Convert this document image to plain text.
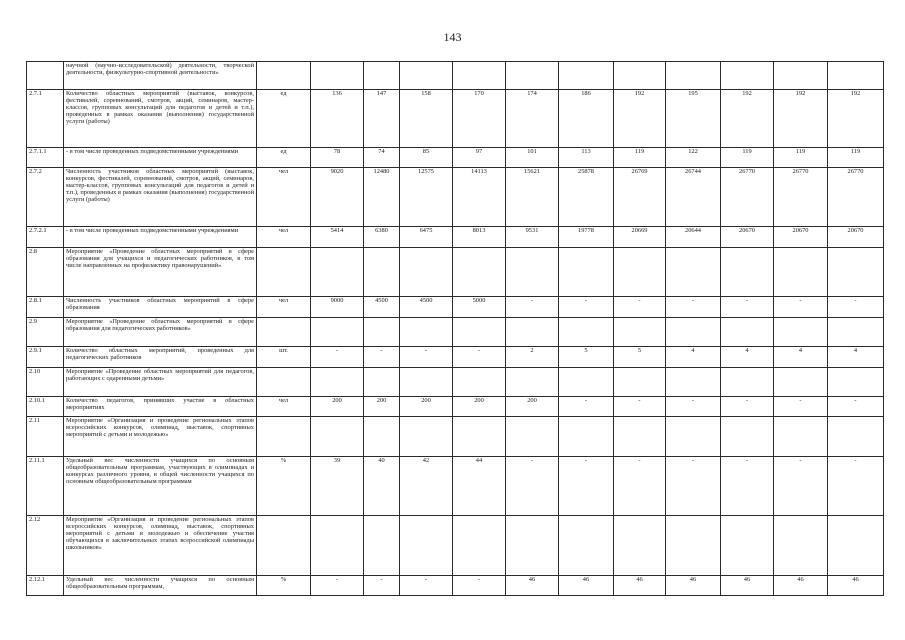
143
	научной (научно-исследовательской) деятельности, творческой деятельности, физкультурно-спортивной деятельности»												
2.7.1	Количество областных мероприятий (выставок, конкурсов, фестивалей, соревнований, смотров, акций, семинаров, мастер-классов, групповых консультаций для педагогов и детей и т.п.), проведенных в рамках оказания (выполнения) государственной услуги (работы)	ед	136	147	158	170	174	186	192	195	192	192	192
2.7.1.1	- в том числе проведенных подведомственными учреждениями	ед	78	74	85	97	101	113	119	122	119	119	119
2.7.2	Численность участников областных мероприятий (выставок, конкурсов, фестивалей, соревнований, смотров, акций, семинаров, мастер-классов, групповых консультаций для педагогов и детей и т.п.), проведенных в рамках оказания (выполнения) государственной услуги (работы)	чел	9020	12480	12575	14113	15621	25878	26769	26744	26770	26770	26770
2.7.2.1	- в том числе проведенных подведомственными учреждениями	чел	5414	6380	6475	8013	9531	19778	20669	20644	20670	20670	20670
2.8	Мероприятие «Проведение областных мероприятий в сфере образования для учащихся и педагогических работников, в том числе направленных на профилактику правонарушений»												
2.8.1	Численность участников областных мероприятий в сфере образования	чел	9000	4500	4500	5000	-	-	-	-	-	-	-
2.9	Мероприятие «Проведение областных мероприятий в сфере образования для педагогических работников»												
2.9.1	Количество областных мероприятий, проведенных для педагогических работников	шт.	-	-	-	-	2	5	5	4	4	4	4
2.10	Мероприятие «Проведение областных мероприятий для педагогов, работающих с одаренными детьми»												
2.10.1	Количество педагогов, принявших участие в областных мероприятиях	чел	200	200	200	200	200	-	-	-	-	-	-
2.11	Мероприятие «Организация и проведение региональных этапов всероссийских конкурсов, олимпиад, выставок, спортивных мероприятий с детьми и молодежью»												
2.11.1	Удельный вес численности учащихся по основным общеобразовательным программам, участвующих в олимпиадах и конкурсах различного уровня, в общей численности учащихся по основным общеобразовательным программам	%	39	40	42	44	-	-	-	-	-	-	-
2.12	Мероприятие «Организация и проведение региональных этапов всероссийских конкурсов, олимпиад, выставок, спортивных мероприятий с детьми и молодежью и обеспечение участия обучающихся в заключительных этапах всероссийской олимпиады школьников»												
2.12.1	Удельный вес численности учащихся по основным общеобразовательным программам,	%	-	-	-	-	46	46	46	46	46	46	46
